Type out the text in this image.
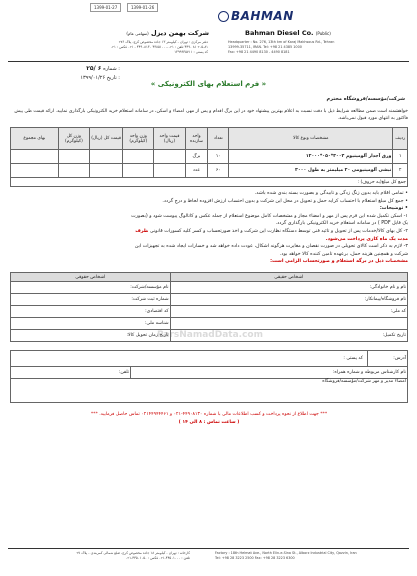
1399-01-27	1399-01-26
BAHMAN
شرکت بهمن دیزل (سهامی عام)	Bahman Diesel Co. (Public)
دفتر مرکزی : تهران - کیلومتر ۱۳ جاده مخصوص کرج، پلاک ۲۷۶
۲۰۵-۸۱ ۸۱ ۴۴۹۰ تلفن : ۰۲۱-۴۳۸۵۱۰۰۰ ۴۴۹۰۸۱۳۰ - ۰۲۱ فکس : ۰۲۱
کد پستی : ۱۳۹۹۹۳۵۷۱۱
Headquarter : No. 276, 13th km of Karaj Makhsous Rd., Tehran
13999-35711, IRAN. Tel: +98 21 4385 1000
Fax: +98 21 4490 8130 - 4490 8181
۲۵/ ۶ شماره :
۱۳۹۹/۰۱/۲۶ تاریخ :
« فرم استعلام بهای الکترونیکی »
شرکت/مؤسسه/فروشگاه محترم
خواهشمند است ضمن مطالعه شرایط ذیل با دقت نسبت به اعلام بهترین پیشنهاد خود در این برگ اقدام و پس از مهر، امضاء و اسکن، در سامانه استعلام خرید الکترونیکی بارگذاری نمایید. ارائه قیمت طی پیش فاکتور به انتهای مورد قبول نمی‌باشد.
بهای مجموع	وزن کل (کیلوگرم)	قیمت کل (ریال)	وزن واحد (کیلوگرم)	قیمت واحد (ریال)	واحد سازنده	تعداد	مشخصات ونوع کالا	ردیف
					برگ	۱۰	ورق آجدار آلومینیوم ۳۰۰۳*۰۵۰*۱۲۰۰۰	۱
					عدد	۶۰	نبشی آلومینیومی ۲۰ میلیمتر به طول ۳۰۰۰	۲
جمع کل مبلغ(به حروف) :								
• تمامی اقلام باید بدون زنگ زدگی و تابیدگی و بصورت بسته بندی شده باشد.
• جمع کل مبلغ استعلام با احتساب کرایه حمل و تحویل در محل این شرکت و بدون احتساب ارزش افزوده لحاظ و درج گردد.
• توضیحات:
۱- اسکن تکمیل شده این فرم پس از مهر و امضاء مجاز و مشخصات کامل موضوع استعلام از جمله عکس و کاتالوگ پیوست شود و (بصورت
یک فایل PDF ) در سامانه استعلام خرید الکترونیکی بارگذاری گردد.
۲- کل بهای کالا/خدمات پس از تحویل و تائید فنی توسط دستگاه نظارت این شرکت و اخذ صورتحساب و کسر کلیه کسورات قانونی ظرف
مدت یک ماه کاری پرداخت می‌شود.
۳- لازم به ذکر است کالای تحویلی در صورت نقصان و مغایرت هرگونه اشکال، عودت داده خواهد شد و خسارات ایجاد شده به تجهیزات این
شرکت و همچنین هزینه حمل، برعهده تامین کننده کالا خواهد بود.
مشخصات ذیل در برگه استعلام و صورتحساب الزامی است:
ParsNamadData.com
اشخاص حقوقی	اشخاص حقیقی
نام مؤسسه/شرکت:	نام و نام خانوادگی:
شماره ثبت شرکت:	نام فروشگاه/پیمانکار:
کد اقتصادی:	کد ملی:
شناسه ملی:	
تاریخ زمان تحویل کالا:	تاریخ تکمیل:
کد پستی :		آدرس:
تلفن:	نام کارشناس مربوطه و شماره همراه:	
امضاء مدیر و مهر شرکت/مؤسسه/فروشگاه		
*** جهت اطلاع از نحوه پرداخت و کسب اطلاعات مالی با شماره ۴۴۹۰۸۱۳۰-۰۲۱ و ۰۲۱۴۴۹۴۴۴۶۱ تماس حاصل فرمایید. ***
( ساعت تماس : ۸ الی ۱۴ )
کارخانه : تهران - کیلومتر ۱۸ جاده مخصوص کرج، ضلع شمالی کمربندی - پلاک ۲۷
تلفن : ۴۴۵۰۱۰۰۰-۰۲۱ فکس : ۴۴۵۰۱۰۵۰-۰۲۱
Factory : 18th Helmat Ave., North Elin-e-Sina St., Alborz Industrial City, Qazvin, Iran
Tel: +98 28 3223 2500 Fax: +98 28 3223 6300
